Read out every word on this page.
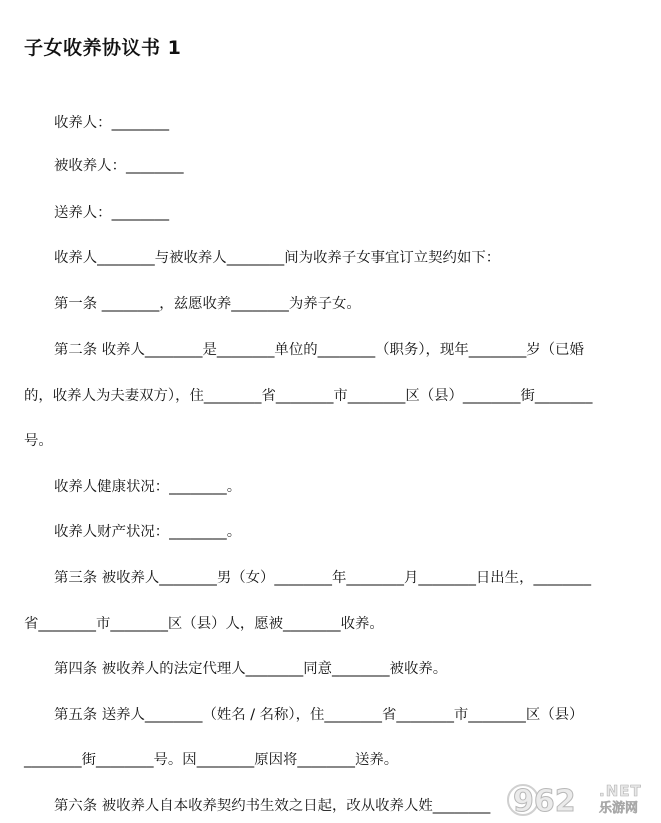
子女收养协议书 1
收养人：________
被收养人：________
送养人：________
收养人________与被收养人________间为收养子女事宜订立契约如下：
第一条 ________，兹愿收养________为养子女。
第二条 收养人________是________单位的________（职务），现年________岁（已婚
的，收养人为夫妻双方），住________省________市________区（县）________街________
号。
收养人健康状况：________。
收养人财产状况：________。
第三条 被收养人________男（女）________年________月________日出生，________
省________市________区（县）人，愿被________收养。
第四条 被收养人的法定代理人________同意________被收养。
第五条 送养人________（姓名 / 名称），住________省________市________区（县）
________街________号。因________原因将________送养。
第六条 被收养人自本收养契约书生效之日起，改从收养人姓________ 962 .NET
乐游网
